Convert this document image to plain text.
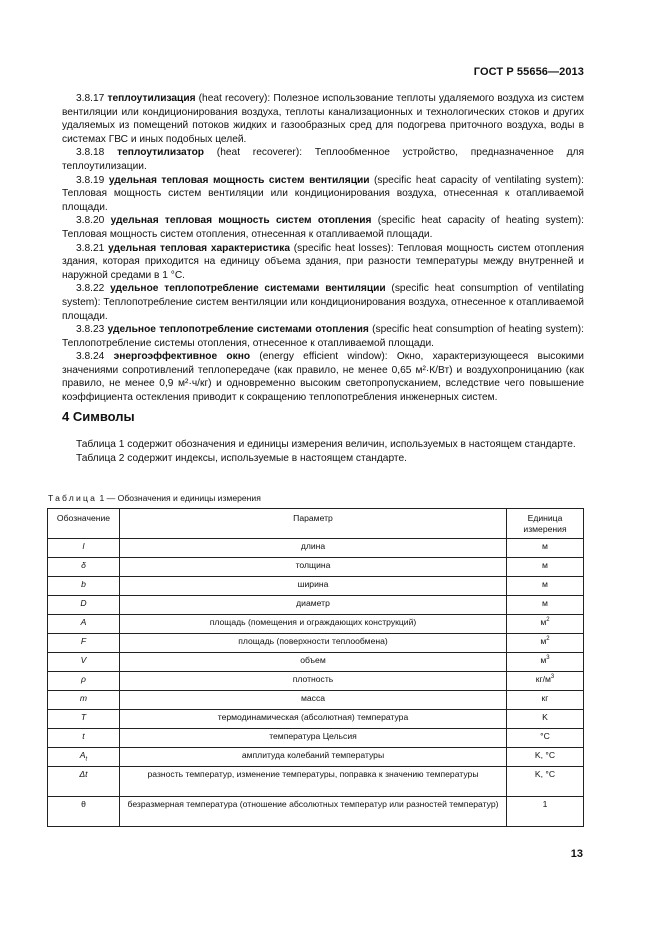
ГОСТ Р 55656—2013

3.8.17 теплоутилизация (heat recovery): Полезное использование теплоты удаляемого воздуха из систем вентиляции или кондиционирования воздуха, теплоты канализационных и технологических стоков и других удаляемых из помещений потоков жидких и газообразных сред для подогрева приточного воздуха, воды в системах ГВС и иных подобных целей.

3.8.18 теплоутилизатор (heat recoverer): Теплообменное устройство, предназначенное для теплоутилизации.

3.8.19 удельная тепловая мощность систем вентиляции (specific heat capacity of ventilating system): Тепловая мощность систем вентиляции или кондиционирования воздуха, отнесенная к отапливаемой площади.

3.8.20 удельная тепловая мощность систем отопления (specific heat capacity of heating system): Тепловая мощность систем отопления, отнесенная к отапливаемой площади.

3.8.21 удельная тепловая характеристика (specific heat losses): Тепловая мощность систем отопления здания, которая приходится на единицу объема здания, при разности температуры между внутренней и наружной средами в 1 °С.

3.8.22 удельное теплопотребление системами вентиляции (specific heat consumption of ventilating system): Теплопотребление систем вентиляции или кондиционирования воздуха, отнесенное к отапливаемой площади.

3.8.23 удельное теплопотребление системами отопления (specific heat consumption of heating system): Теплопотребление системы отопления, отнесенное к отапливаемой площади.

3.8.24 энергоэффективное окно (energy efficient window): Окно, характеризующееся высокими значениями сопротивлений теплопередаче (как правило, не менее 0,65 м²·К/Вт) и воздухопроницанию (как правило, не менее 0,9 м²·ч/кг) и одновременно высоким светопропусканием, вследствие чего повышение коэффициента остекления приводит к сокращению теплопотребления инженерных систем.

4 Символы

Таблица 1 содержит обозначения и единицы измерения величин, используемых в настоящем стандарте.

Таблица 2 содержит индексы, используемые в настоящем стандарте.

Таблица 1 — Обозначения и единицы измерения
Обозначение	Параметр	Единица измерения
l	длина	м
δ	толщина	м
b	ширина	м
D	диаметр	м
A	площадь (помещения и ограждающих конструкций)	$м^2$
F	площадь (поверхности теплообмена)	$м^2$
V	объем	$м^3$
ρ	плотность	$кг/м^3$
m	масса	кг
T	термодинамическая (абсолютная) температура	K
t	температура Цельсия	°С
$A_t$	амплитуда колебаний температуры	K, °С
Δt	разность температур, изменение температуры, поправка к значению температуры	K, °С
θ	безразмерная температура (отношение абсолютных температур или разностей температур)	1
13
